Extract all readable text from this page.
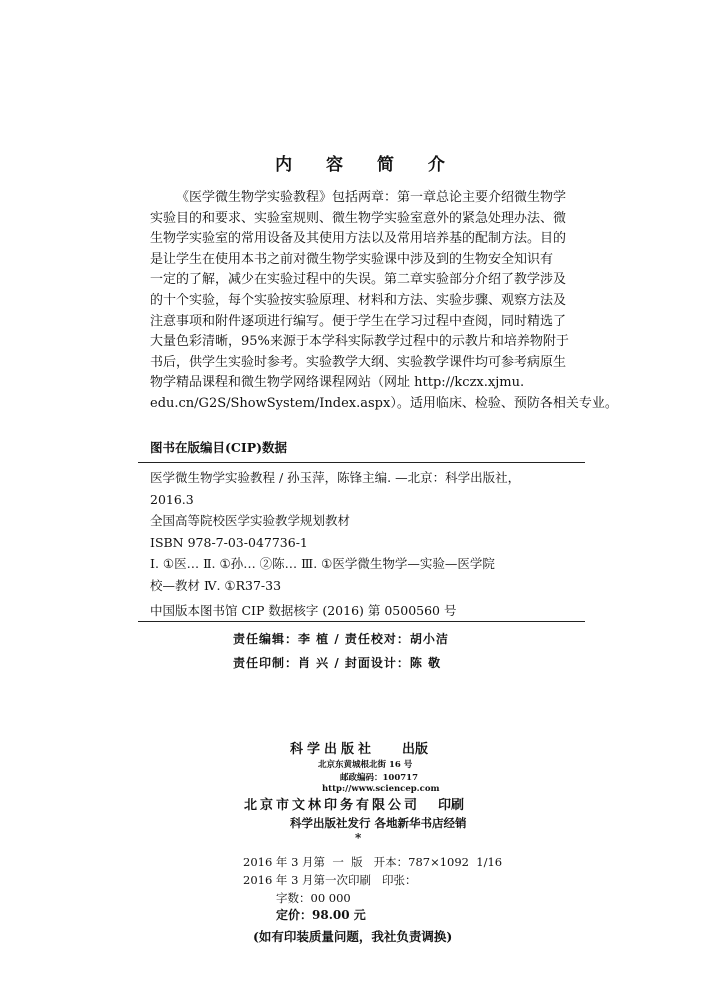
内 容 简 介
《医学微生物学实验教程》包括两章：第一章总论主要介绍微生物学
实验目的和要求、实验室规则、微生物学实验室意外的紧急处理办法、微
生物学实验室的常用设备及其使用方法以及常用培养基的配制方法。目的
是让学生在使用本书之前对微生物学实验课中涉及到的生物安全知识有
一定的了解，减少在实验过程中的失误。第二章实验部分介绍了教学涉及
的十个实验，每个实验按实验原理、材料和方法、实验步骤、观察方法及
注意事项和附件逐项进行编写。便于学生在学习过程中查阅，同时精选了
大量色彩清晰，95%来源于本学科实际教学过程中的示教片和培养物附于
书后，供学生实验时参考。实验教学大纲、实验教学课件均可参考病原生
物学精品课程和微生物学网络课程网站（网址 http://kczx.xjmu.
edu.cn/G2S/ShowSystem/Index.aspx）。适用临床、检验、预防各相关专业。
图书在版编目(CIP)数据
医学微生物学实验教程 / 孙玉萍，陈锋主编. —北京：科学出版社，
2016.3
全国高等院校医学实验教学规划教材
ISBN 978-7-03-047736-1
Ⅰ. ①医… Ⅱ. ①孙… ②陈… Ⅲ. ①医学微生物学—实验—医学院
校—教材 Ⅳ. ①R37-33
中国版本图书馆 CIP 数据核字 (2016) 第 0500560 号
责任编辑：李 植 / 责任校对：胡小洁
责任印制：肖 兴 / 封面设计：陈 敬
科学出版社 出版
北京东黄城根北街 16 号
邮政编码：100717
http://www.sciencep.com
北京市文林印务有限公司 印刷
科学出版社发行 各地新华书店经销
*
2016 年 3 月第  一  版   开本：787×1092  1/16
2016 年 3 月第一次印刷   印张：
字数：00 000
定价：98.00 元
(如有印装质量问题，我社负责调换)
